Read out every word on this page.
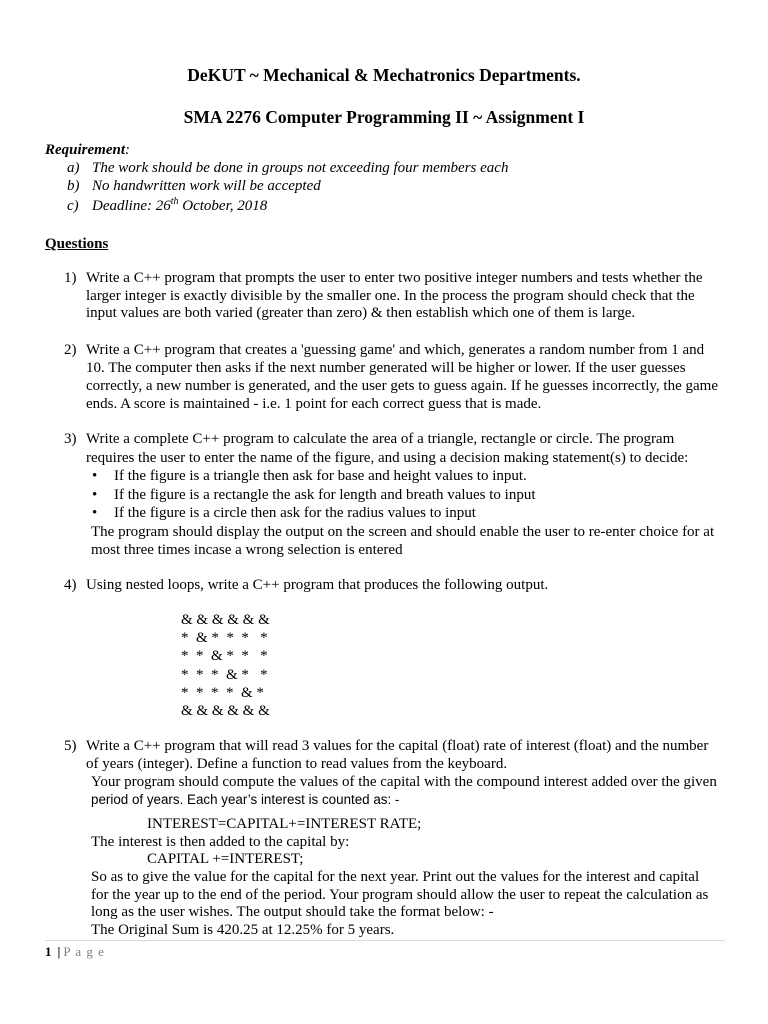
DeKUT ~ Mechanical & Mechatronics Departments.
SMA 2276 Computer Programming II ~ Assignment I
Requirement:
a) The work should be done in groups not exceeding four members each
b) No handwritten work will be accepted
c) Deadline: 26th October, 2018
Questions
1) Write a C++ program that prompts the user to enter two positive integer numbers and tests whether the
larger integer is exactly divisible by the smaller one. In the process the program should check that the
input values are both varied (greater than zero) & then establish which one of them is large.
2) Write a C++ program that creates a 'guessing game' and which, generates a random number from 1 and
10. The computer then asks if the next number generated will be higher or lower. If the user guesses
correctly, a new number is generated, and the user gets to guess again. If he guesses incorrectly, the game
ends. A score is maintained - i.e. 1 point for each correct guess that is made.
3) Write a complete C++ program to calculate the area of a triangle, rectangle or circle. The program
requires the user to enter the name of the figure, and using a decision making statement(s) to decide:
• If the figure is a triangle then ask for base and height values to input.
• If the figure is a rectangle the ask for length and breath values to input
• If the figure is a circle then ask for the radius values to input
The program should display the output on the screen and should enable the user to re-enter choice for at
most three times incase a wrong selection is entered
4) Using nested loops, write a C++ program that produces the following output.
& & & & & &
*  & *  *  *   *
*  *  & *  *   *
*  *  *  & *   *
*  *  *  *  & *
& & & & & &
5) Write a C++ program that will read 3 values for the capital (float) rate of interest (float) and the number
of years (integer). Define a function to read values from the keyboard.
Your program should compute the values of the capital with the compound interest added over the given
period of years. Each year’s interest is counted as: -
INTEREST=CAPITAL+=INTEREST RATE;
The interest is then added to the capital by:
CAPITAL +=INTEREST;
So as to give the value for the capital for the next year. Print out the values for the interest and capital
for the year up to the end of the period. Your program should allow the user to repeat the calculation as
long as the user wishes. The output should take the format below: -
The Original Sum is 420.25 at 12.25% for 5 years.
1 | P a g e
